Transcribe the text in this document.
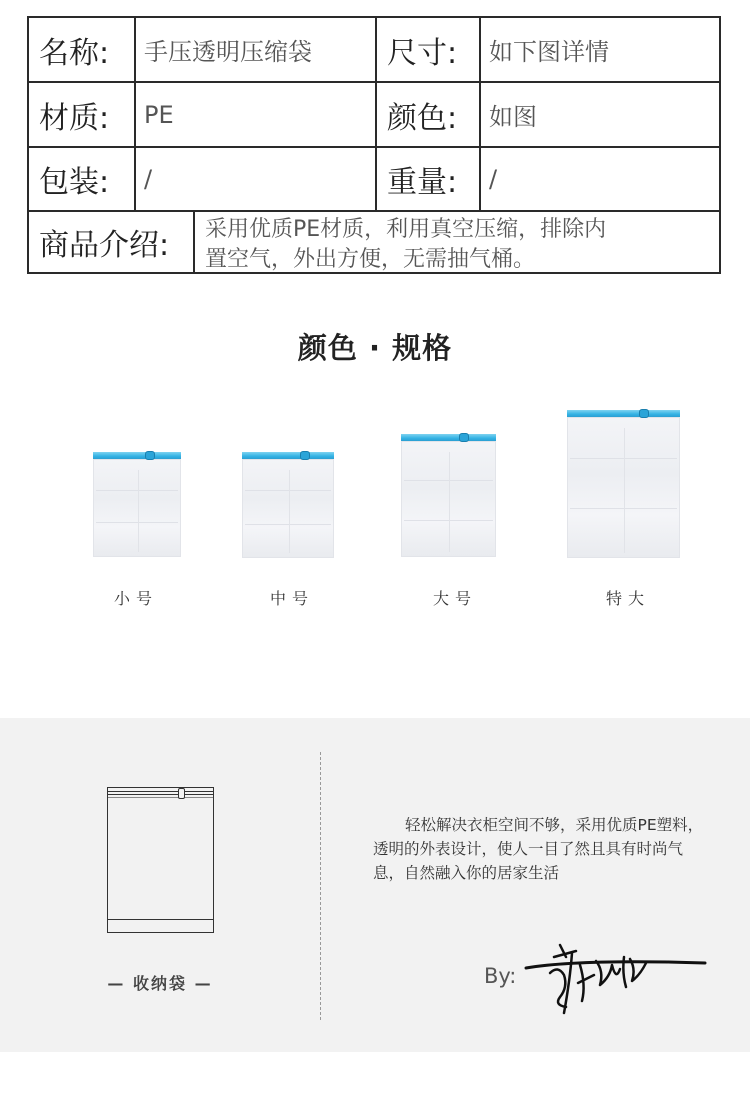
名称:	手压透明压缩袋	尺寸:	如下图详情
材质:	PE	颜色:	如图
包装:	/	重量:	/
商品介绍:	采用优质PE材质，利用真空压缩，排除内
置空气，外出方便，无需抽气桶。
颜色 · 规格
小号	中号	大号	特大
— 收纳袋 —
轻松解决衣柜空间不够，采用优质PE塑料，透明的外表设计，使人一目了然且具有时尚气息，自然融入你的居家生活
By:
